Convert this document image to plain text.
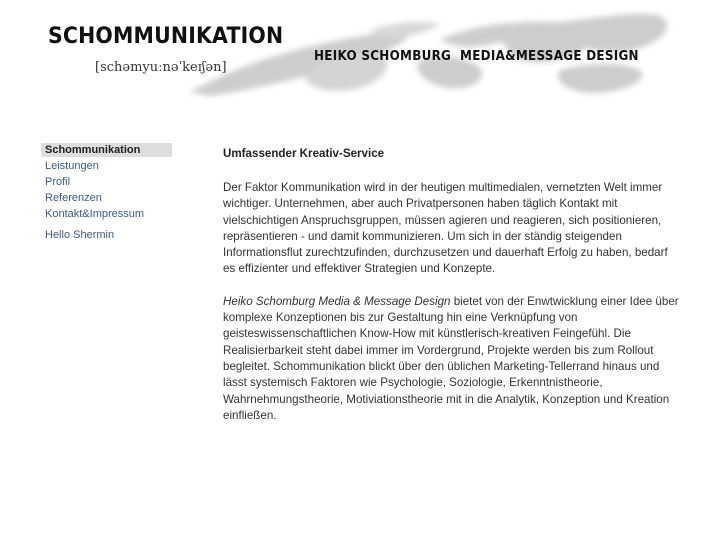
SCHOMMUNIKATION
[schəmyuːnəˈkeɪʃən]
HEIKO SCHOMBURG  MEDIA&MESSAGE DESIGN
Schommunikation
Leistungen
Profil
Referenzen
Kontakt&Impressum
Hello Shermin
Umfassender Kreativ-Service

Der Faktor Kommunikation wird in der heutigen multimedialen, vernetzten Welt immer wichtiger. Unternehmen, aber auch Privatpersonen haben täglich Kontakt mit vielschichtigen Anspruchsgruppen, müssen agieren und reagieren, sich positionieren, repräsentieren - und damit kommunizieren. Um sich in der ständig steigenden Informationsflut zurechtzufinden, durchzusetzen und dauerhaft Erfolg zu haben, bedarf es effizienter und effektiver Strategien und Konzepte.

Heiko Schomburg Media & Message Design bietet von der Enwtwicklung einer Idee über komplexe Konzeptionen bis zur Gestaltung hin eine Verknüpfung von geisteswissenschaftlichen Know-How mit künstlerisch-kreativen Feingefühl. Die Realisierbarkeit steht dabei immer im Vordergrund, Projekte werden bis zum Rollout begleitet. Schommunikation blickt über den üblichen Marketing-Tellerrand hinaus und lässt systemisch Faktoren wie Psychologie, Soziologie, Erkenntnistheorie, Wahrnehmungstheorie, Motiviationstheorie mit in die Analytik, Konzeption und Kreation einfließen.
